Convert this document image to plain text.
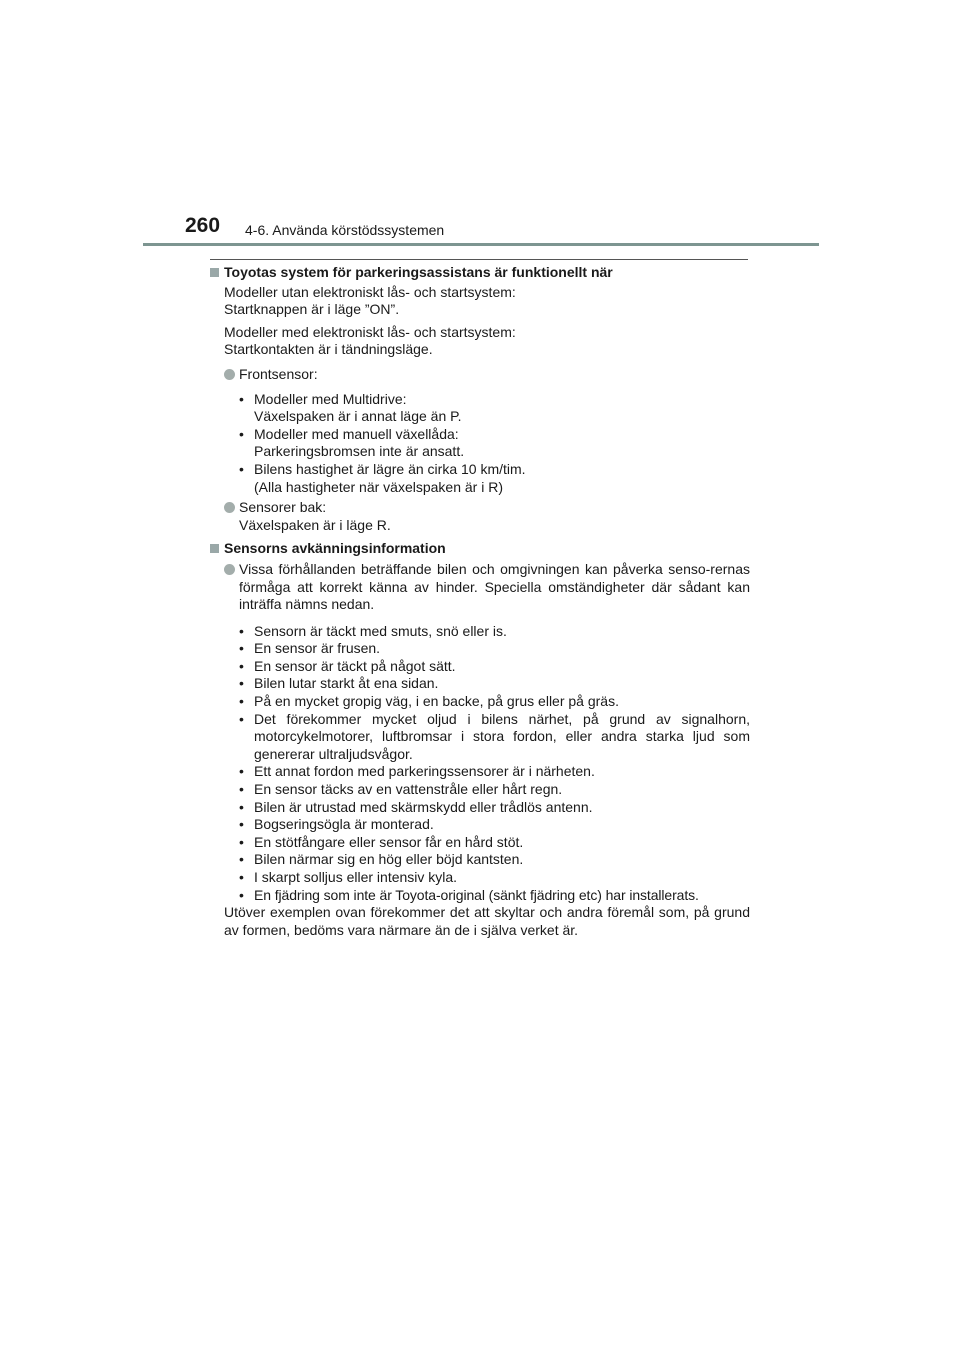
260 4-6. Använda körstödssystemen
Toyotas system för parkeringsassistans är funktionellt när
Modeller utan elektroniskt lås- och startsystem:
Startknappen är i läge ”ON”.
Modeller med elektroniskt lås- och startsystem:
Startkontakten är i tändningsläge.
Frontsensor:
• Modeller med Multidrive:
Växelspaken är i annat läge än P.
• Modeller med manuell växellåda:
Parkeringsbromsen inte är ansatt.
• Bilens hastighet är lägre än cirka 10 km/tim.
(Alla hastigheter när växelspaken är i R)
Sensorer bak:
Växelspaken är i läge R.
Sensorns avkänningsinformation
Vissa förhållanden beträffande bilen och omgivningen kan påverka senso-rernas förmåga att korrekt känna av hinder. Speciella omständigheter där sådant kan inträffa nämns nedan.
• Sensorn är täckt med smuts, snö eller is.
• En sensor är frusen.
• En sensor är täckt på något sätt.
• Bilen lutar starkt åt ena sidan.
• På en mycket gropig väg, i en backe, på grus eller på gräs.
• Det förekommer mycket oljud i bilens närhet, på grund av signalhorn, motorcykelmotorer, luftbromsar i stora fordon, eller andra starka ljud som genererar ultraljudsvågor.
• Ett annat fordon med parkeringssensorer är i närheten.
• En sensor täcks av en vattenstråle eller hårt regn.
• Bilen är utrustad med skärmskydd eller trådlös antenn.
• Bogseringsögla är monterad.
• En stötfångare eller sensor får en hård stöt.
• Bilen närmar sig en hög eller böjd kantsten.
• I skarpt solljus eller intensiv kyla.
• En fjädring som inte är Toyota-original (sänkt fjädring etc) har installerats.
Utöver exemplen ovan förekommer det att skyltar och andra föremål som, på grund av formen, bedöms vara närmare än de i själva verket är.
